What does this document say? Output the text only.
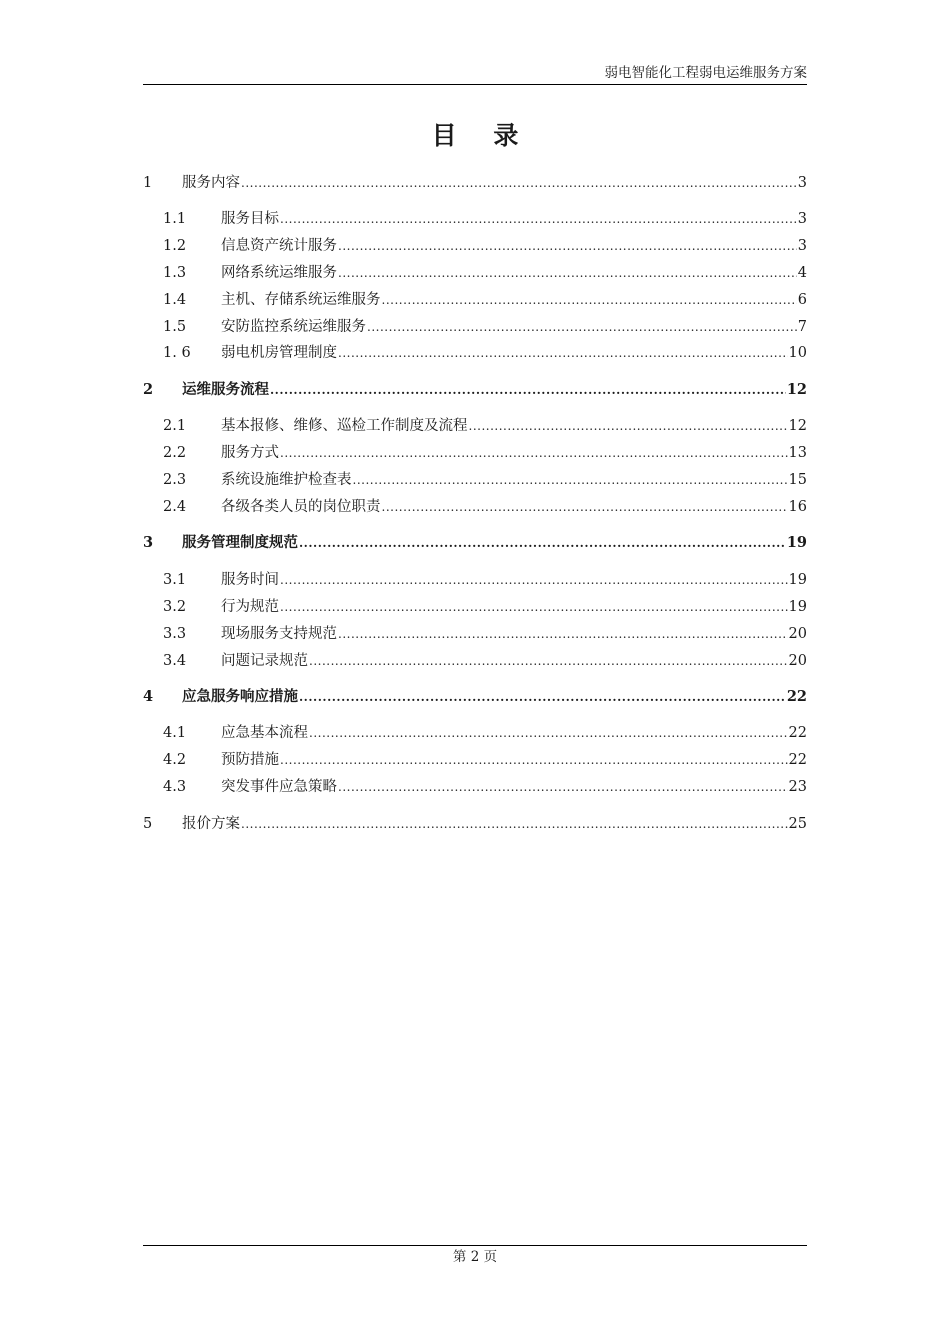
弱电智能化工程弱电运维服务方案
目 录
1	服务内容 .....	3
1.1	服务目标 .....	3
1.2	信息资产统计服务 .....	3
1.3	网络系统运维服务 .....	4
1.4	主机、存储系统运维服务 .....	6
1.5	安防监控系统运维服务 .....	7
1. 6	弱电机房管理制度 .....	10
2	运维服务流程 .....	12
2.1	基本报修、维修、巡检工作制度及流程 .....	12
2.2	服务方式 .....	13
2.3	系统设施维护检查表 .....	15
2.4	各级各类人员的岗位职责 .....	16
3	服务管理制度规范 .....	19
3.1	服务时间 .....	19
3.2	行为规范 .....	19
3.3	现场服务支持规范 .....	20
3.4	问题记录规范 .....	20
4	应急服务响应措施 .....	22
4.1	应急基本流程 .....	22
4.2	预防措施 .....	22
4.3	突发事件应急策略 .....	23
5	报价方案 .....	25
第 2 页
